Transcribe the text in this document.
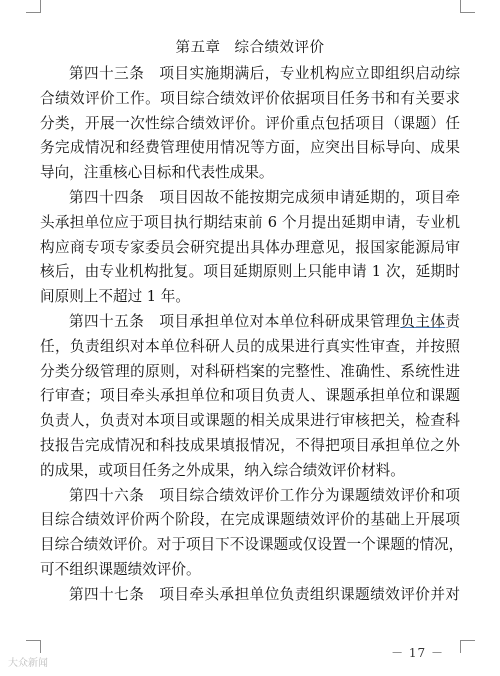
第五章 综合绩效评价
第四十三条　项目实施期满后，专业机构应立即组织启动综
合绩效评价工作。项目综合绩效评价依据项目任务书和有关要求
分类，开展一次性综合绩效评价。评价重点包括项目（课题）任
务完成情况和经费管理使用情况等方面，应突出目标导向、成果
导向，注重核心目标和代表性成果。
第四十四条　项目因故不能按期完成须申请延期的，项目牵
头承担单位应于项目执行期结束前 6 个月提出延期申请，专业机
构应商专项专家委员会研究提出具体办理意见，报国家能源局审
核后，由专业机构批复。项目延期原则上只能申请 1 次，延期时
间原则上不超过 1 年。
第四十五条　项目承担单位对本单位科研成果管理负主体责
任，负责组织对本单位科研人员的成果进行真实性审查，并按照
分类分级管理的原则，对科研档案的完整性、准确性、系统性进
行审查；项目牵头承担单位和项目负责人、课题承担单位和课题
负责人，负责对本项目或课题的相关成果进行审核把关，检查科
技报告完成情况和科技成果填报情况，不得把项目承担单位之外
的成果，或项目任务之外成果，纳入综合绩效评价材料。
第四十六条　项目综合绩效评价工作分为课题绩效评价和项
目综合绩效评价两个阶段，在完成课题绩效评价的基础上开展项
目综合绩效评价。对于项目下不设课题或仅设置一个课题的情况，
可不组织课题绩效评价。
第四十七条　项目牵头承担单位负责组织课题绩效评价并对
－ 17 －
大众新闻
